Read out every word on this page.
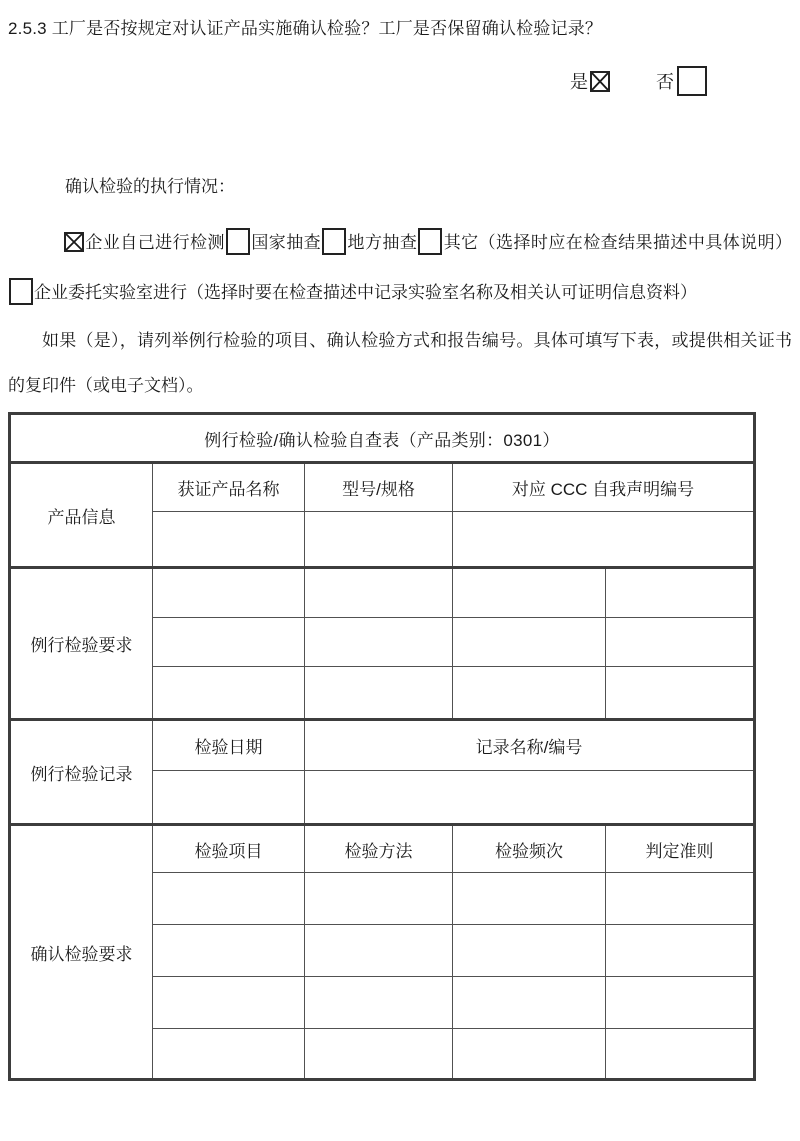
2.5.3 工厂是否按规定对认证产品实施确认检验？工厂是否保留确认检验记录？

是	否

确认检验的执行情况：

企业自己进行检测 国家抽查 地方抽查 其它（选择时应在检查结果描述中具体说明）企业委托实验室进行（选择时要在检查描述中记录实验室名称及相关认可证明信息资料）

如果（是），请列举例行检验的项目、确认检验方式和报告编号。具体可填写下表，或提供相关证书的复印件（或电子文档）。

例行检验/确认检验自查表（产品类别：0301）				
产品信息	获证产品名称	型号/规格	对应 CCC 自我声明编号	

例行检验要求				

例行检验记录	检验日期	记录名称/编号		

确认检验要求	检验项目	检验方法	检验频次	判定准则
